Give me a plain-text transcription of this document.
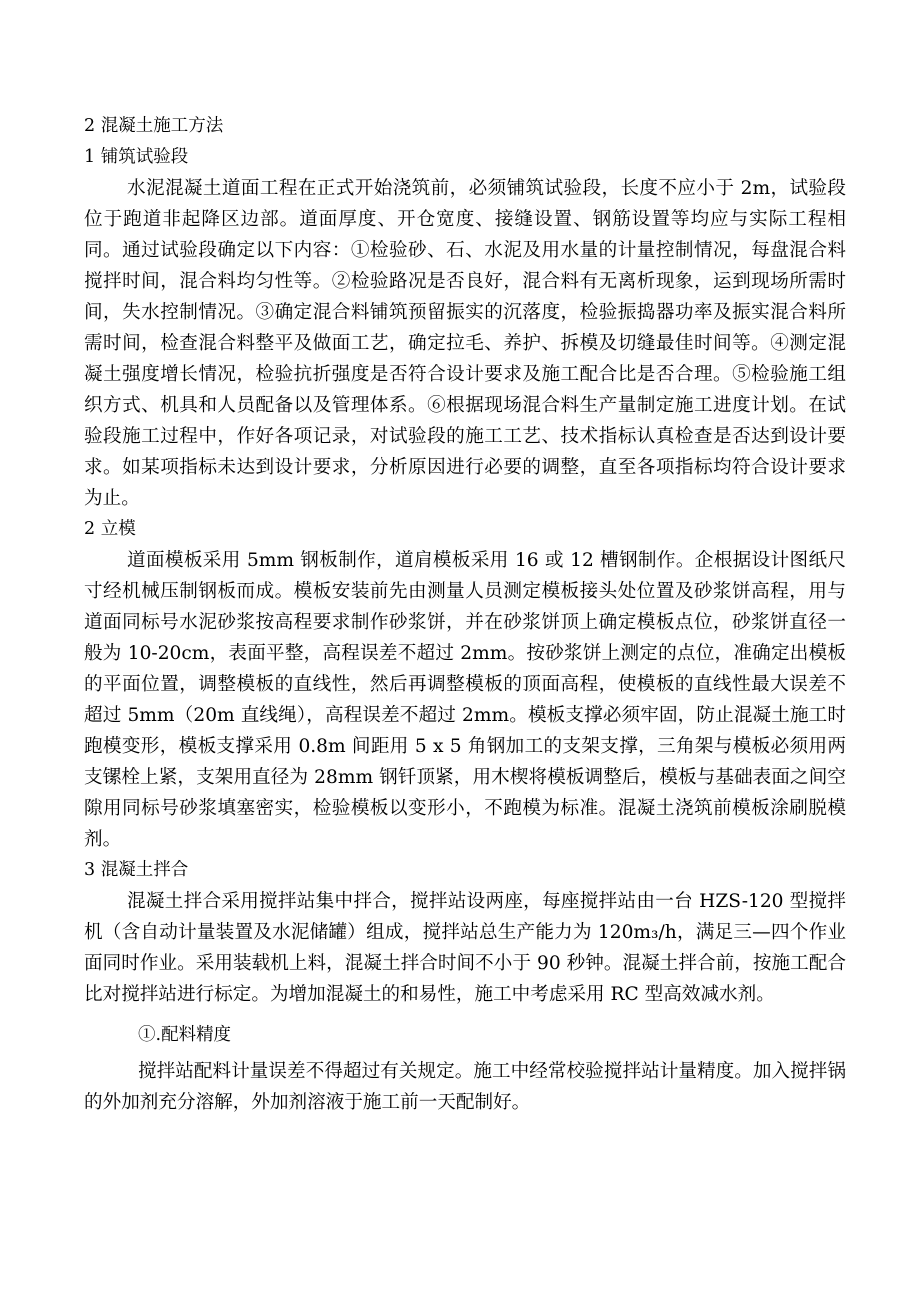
2 混凝土施工方法

1 铺筑试验段

水泥混凝土道面工程在正式开始浇筑前，必须铺筑试验段，长度不应小于 2m，试验段位于跑道非起降区边部。道面厚度、开仓宽度、接缝设置、钢筋设置等均应与实际工程相同。通过试验段确定以下内容：①检验砂、石、水泥及用水量的计量控制情况，每盘混合料搅拌时间，混合料均匀性等。②检验路况是否良好，混合料有无离析现象，运到现场所需时间，失水控制情况。③确定混合料铺筑预留振实的沉落度，检验振捣器功率及振实混合料所需时间，检查混合料整平及做面工艺，确定拉毛、养护、拆模及切缝最佳时间等。④测定混凝土强度增长情况，检验抗折强度是否符合设计要求及施工配合比是否合理。⑤检验施工组织方式、机具和人员配备以及管理体系。⑥根据现场混合料生产量制定施工进度计划。在试验段施工过程中，作好各项记录，对试验段的施工工艺、技术指标认真检查是否达到设计要求。如某项指标未达到设计要求，分析原因进行必要的调整，直至各项指标均符合设计要求为止。

2 立模

道面模板采用 5mm 钢板制作，道肩模板采用 16 或 12 槽钢制作。企根据设计图纸尺寸经机械压制钢板而成。模板安装前先由测量人员测定模板接头处位置及砂浆饼高程，用与道面同标号水泥砂浆按高程要求制作砂浆饼，并在砂浆饼顶上确定模板点位，砂浆饼直径一般为 10-20cm，表面平整，高程误差不超过 2mm。按砂浆饼上测定的点位，准确定出模板的平面位置，调整模板的直线性，然后再调整模板的顶面高程，使模板的直线性最大误差不超过 5mm（20m 直线绳），高程误差不超过 2mm。模板支撑必须牢固，防止混凝土施工时跑模变形，模板支撑采用 0.8m 间距用 5 x 5 角钢加工的支架支撑，三角架与模板必须用两支镙栓上紧，支架用直径为 28mm 钢钎顶紧，用木楔将模板调整后，模板与基础表面之间空隙用同标号砂浆填塞密实，检验模板以变形小，不跑模为标准。混凝土浇筑前模板涂刷脱模剂。

3 混凝土拌合

混凝土拌合采用搅拌站集中拌合，搅拌站设两座，每座搅拌站由一台 HZS-120 型搅拌机（含自动计量装置及水泥储罐）组成，搅拌站总生产能力为 120m₃/h，满足三—四个作业面同时作业。采用装载机上料，混凝土拌合时间不小于 90 秒钟。混凝土拌合前，按施工配合比对搅拌站进行标定。为增加混凝土的和易性，施工中考虑采用 RC 型高效减水剂。

①.配料精度

搅拌站配料计量误差不得超过有关规定。施工中经常校验搅拌站计量精度。加入搅拌锅的外加剂充分溶解，外加剂溶液于施工前一天配制好。
